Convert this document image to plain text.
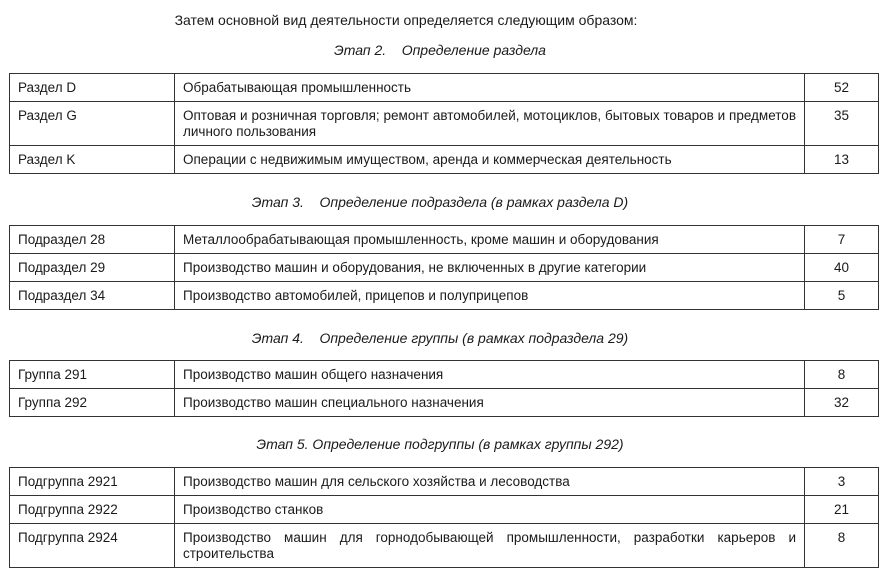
Затем основной вид деятельности определяется следующим образом:
Этап 2.    Определение раздела
Раздел D	Обрабатывающая промышленность	52
Раздел G	Оптовая и розничная торговля; ремонт автомобилей, мотоциклов, бытовых товаров и предметов личного пользования	35
Раздел K	Операции с недвижимым имуществом, аренда и коммерческая деятельность	13
Этап 3.    Определение подраздела (в рамках раздела D)
Подраздел 28	Металлообрабатывающая промышленность, кроме машин и оборудования	7
Подраздел 29	Производство машин и оборудования, не включенных в другие категории	40
Подраздел 34	Производство автомобилей, прицепов и полуприцепов	5
Этап 4.    Определение группы (в рамках подраздела 29)
Группа 291	Производство машин общего назначения	8
Группа 292	Производство машин специального назначения	32
Этап 5. Определение подгруппы (в рамках группы 292)
Подгруппа 2921	Производство машин для сельского хозяйства и лесоводства	3
Подгруппа 2922	Производство станков	21
Подгруппа 2924	Производство машин для горнодобывающей промышленности, разработки карьеров и строительства	8
